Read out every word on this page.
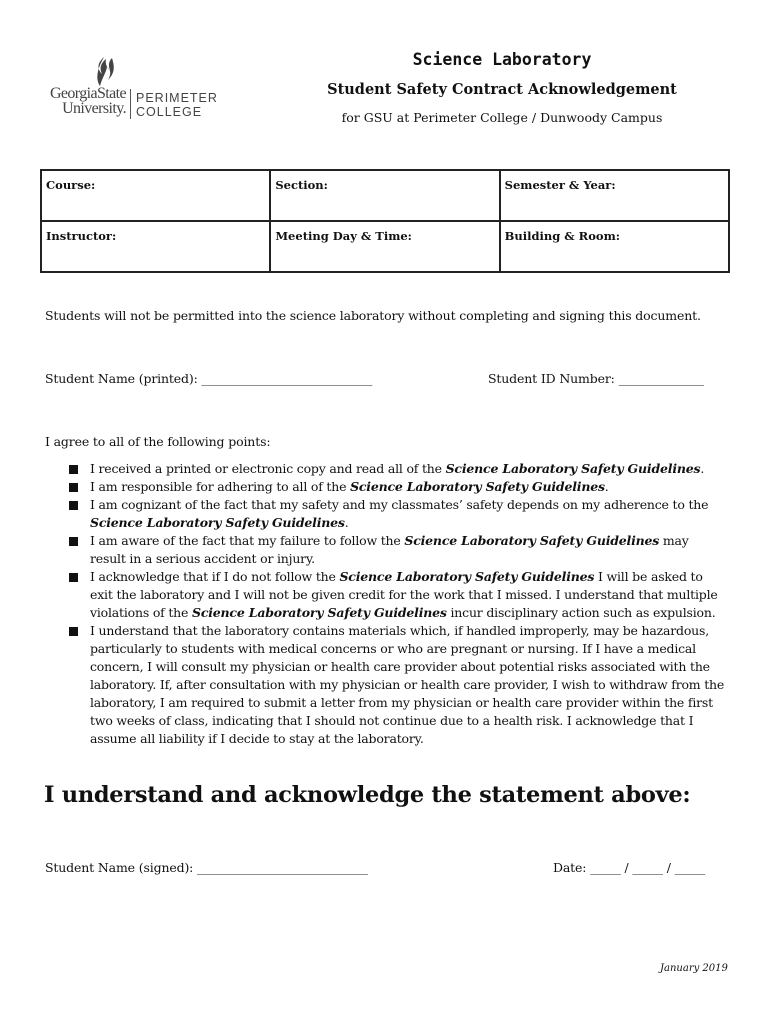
GeorgiaState University.
PERIMETER COLLEGE
Science Laboratory
Student Safety Contract Acknowledgement
for GSU at Perimeter College / Dunwoody Campus
Course:	Section:	Semester & Year:
Instructor:	Meeting Day & Time:	Building & Room:
Students will not be permitted into the science laboratory without completing and signing this document.
Student Name (printed): ____________________________	Student ID Number: ______________
I agree to all of the following points:
I received a printed or electronic copy and read all of the Science Laboratory Safety Guidelines.
I am responsible for adhering to all of the Science Laboratory Safety Guidelines.
I am cognizant of the fact that my safety and my classmates’ safety depends on my adherence to the Science Laboratory Safety Guidelines.
I am aware of the fact that my failure to follow the Science Laboratory Safety Guidelines may result in a serious accident or injury.
I acknowledge that if I do not follow the Science Laboratory Safety Guidelines I will be asked to exit the laboratory and I will not be given credit for the work that I missed. I understand that multiple violations of the Science Laboratory Safety Guidelines incur disciplinary action such as expulsion.
I understand that the laboratory contains materials which, if handled improperly, may be hazardous, particularly to students with medical concerns or who are pregnant or nursing. If I have a medical concern, I will consult my physician or health care provider about potential risks associated with the laboratory. If, after consultation with my physician or health care provider, I wish to withdraw from the laboratory, I am required to submit a letter from my physician or health care provider within the first two weeks of class, indicating that I should not continue due to a health risk. I acknowledge that I assume all liability if I decide to stay at the laboratory.
I understand and acknowledge the statement above:
Student Name (signed): ____________________________	Date: _____ / _____ / _____
January 2019
